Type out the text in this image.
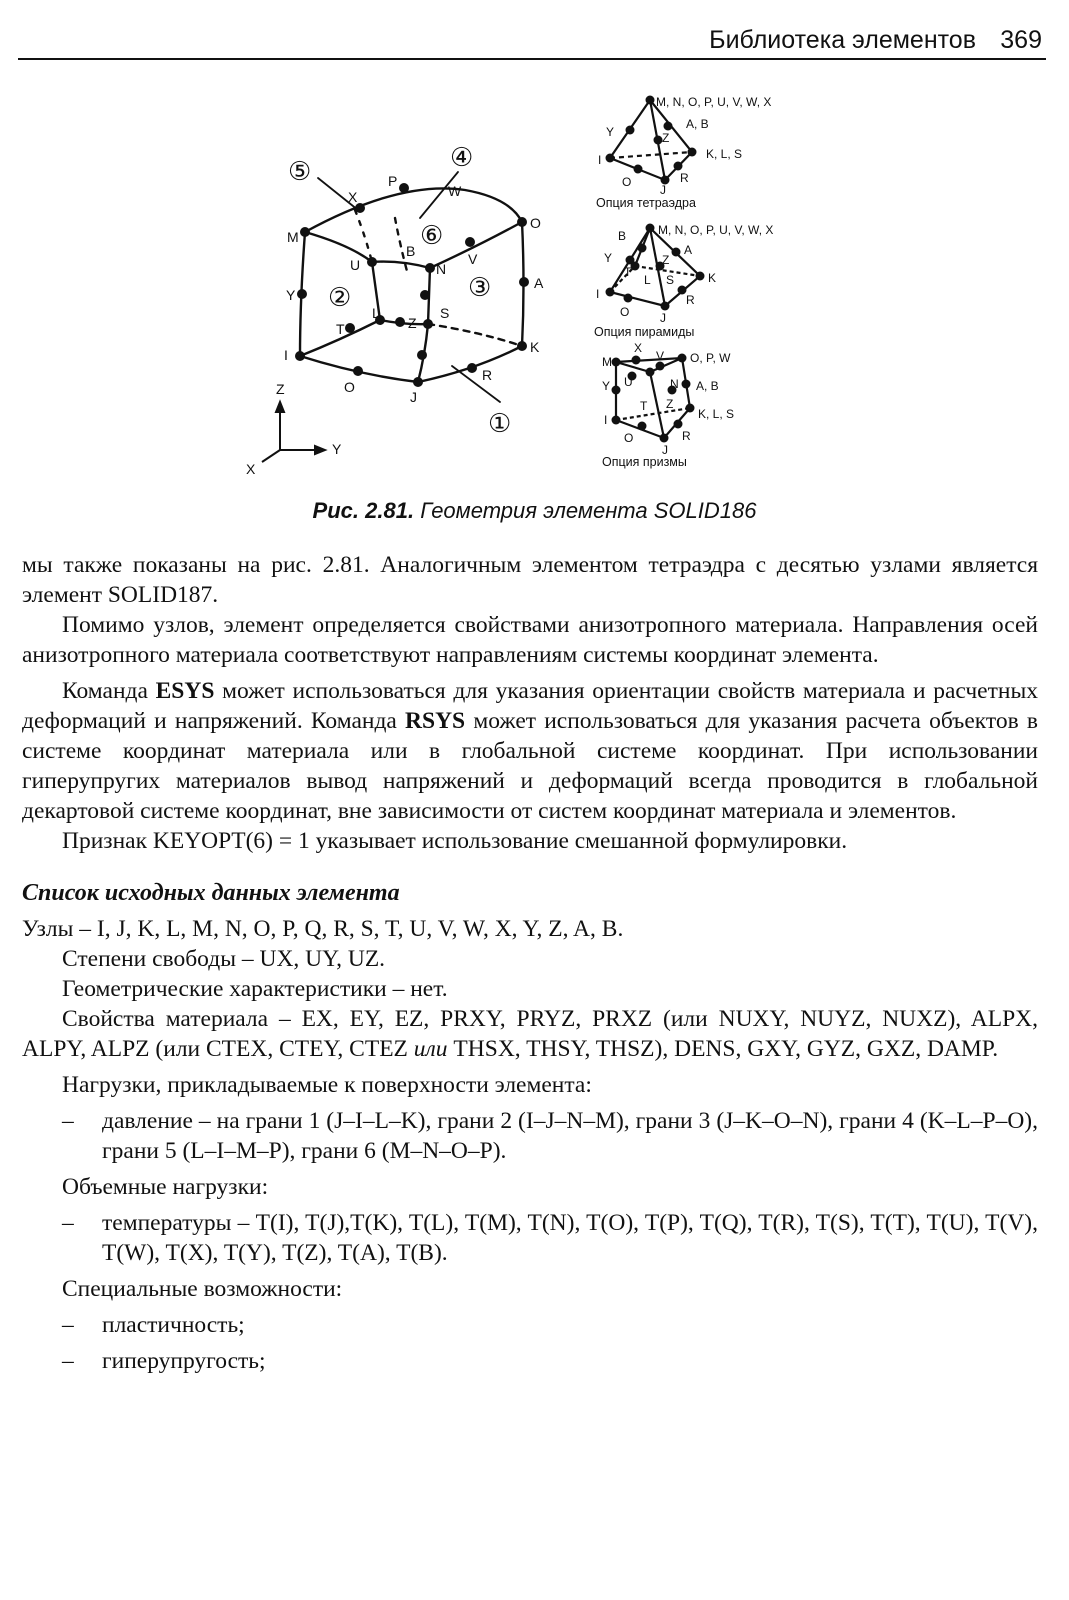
Библиотека элементов 369
M
Y
I
X
P
W
O
U
B
N
V
A
T
L
Z
S
K
O
J
R
①
②	③
④
⑤
⑥
Z
Y
X
M, N, O, P, U, V, W, X
A, B
Y	Z
I	K, L, S
O
J
R
Опция тетраэдра
B	M, N, O, P, U, V, W, X
A
Y	Z
T
L S	K
I	R
O	J
Опция пирамиды
X
M	V O, P, W
Y U	N A, B
T Z
I	K, L, S
O
J
R
Опция призмы
Рис. 2.81. Геометрия элемента SOLID186

мы также показаны на рис. 2.81. Аналогичным элементом тетраэдра с десятью узлами является элемент SOLID187.

Помимо узлов, элемент определяется свойствами анизотропного материала. Направления осей анизотропного материала соответствуют направлениям системы координат элемента.

Команда ESYS может использоваться для указания ориентации свойств материала и расчетных деформаций и напряжений. Команда RSYS может использоваться для указания расчета объектов в системе координат материала или в глобальной системе координат. При использовании гиперупругих материалов вывод напряжений и деформаций всегда проводится в глобальной декартовой системе координат, вне зависимости от систем координат материала и элементов.

Признак KEYOPT(6) = 1 указывает использование смешанной формулировки.

Список исходных данных элемента

Узлы – I, J, K, L, M, N, O, P, Q, R, S, T, U, V, W, X, Y, Z, A, B.

Степени свободы – UX, UY, UZ.

Геометрические характеристики – нет.

Свойства материала – EX, EY, EZ, PRXY, PRYZ, PRXZ (или NUXY, NUYZ, NUXZ), ALPX, ALPY, ALPZ (или CTEX, CTEY, CTEZ или THSX, THSY, THSZ), DENS, GXY, GYZ, GXZ, DAMP.

Нагрузки, прикладываемые к поверхности элемента:

–	давление – на грани 1 (J–I–L–K), грани 2 (I–J–N–M), грани 3 (J–K–O–N), грани 4 (K–L–P–O), грани 5 (L–I–M–P), грани 6 (M–N–O–P).

Объемные нагрузки:

–	температуры – T(I), T(J),T(K), T(L), T(M), T(N), T(O), T(P), T(Q), T(R), T(S), T(T), T(U), T(V), T(W), T(X), T(Y), T(Z), T(A), T(B).

Специальные возможности:

–	пластичность;
–	гиперупругость;
